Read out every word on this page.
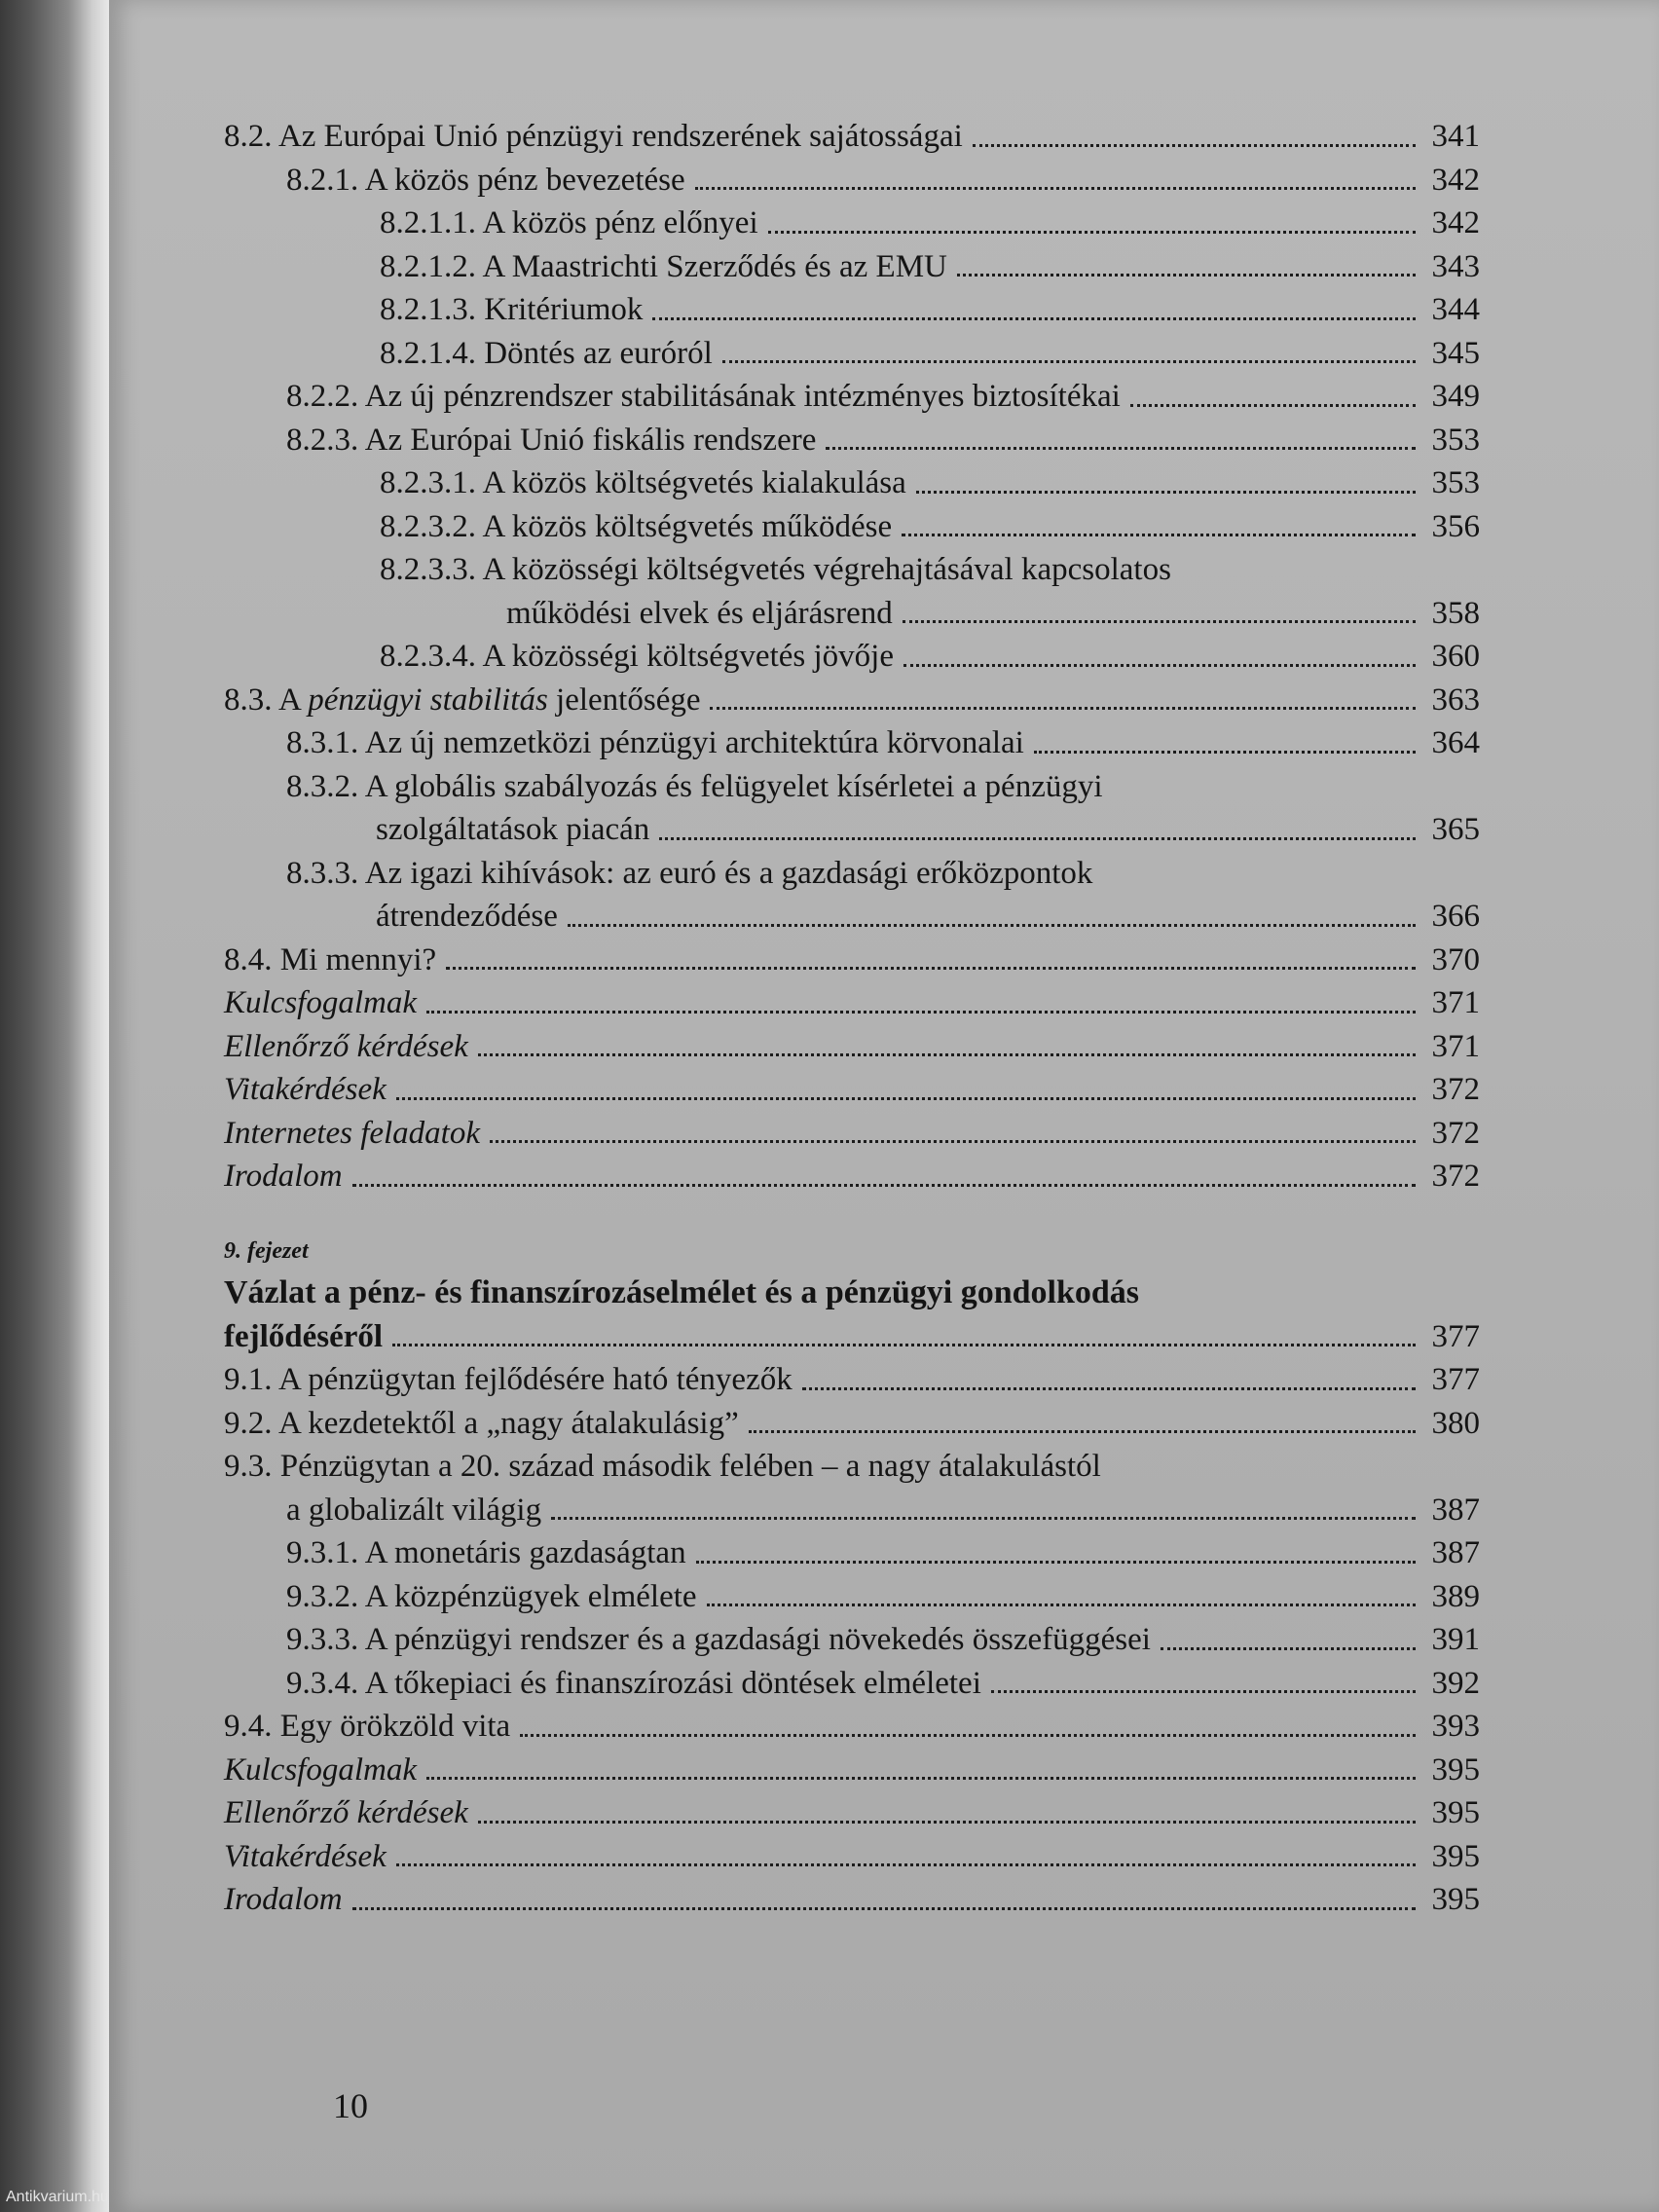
8.2. Az Európai Unió pénzügyi rendszerének sajátosságai	341
8.2.1. A közös pénz bevezetése	342
8.2.1.1. A közös pénz előnyei	342
8.2.1.2. A Maastrichti Szerződés és az EMU	343
8.2.1.3. Kritériumok	344
8.2.1.4. Döntés az euróról	345
8.2.2. Az új pénzrendszer stabilitásának intézményes biztosítékai	349
8.2.3. Az Európai Unió fiskális rendszere	353
8.2.3.1. A közös költségvetés kialakulása	353
8.2.3.2. A közös költségvetés működése	356
8.2.3.3. A közösségi költségvetés végrehajtásával kapcsolatos
működési elvek és eljárásrend	358
8.2.3.4. A közösségi költségvetés jövője	360
8.3. A pénzügyi stabilitás jelentősége	363
8.3.1. Az új nemzetközi pénzügyi architektúra körvonalai	364
8.3.2. A globális szabályozás és felügyelet kísérletei a pénzügyi
szolgáltatások piacán	365
8.3.3. Az igazi kihívások: az euró és a gazdasági erőközpontok
átrendeződése	366
8.4. Mi mennyi?	370
Kulcsfogalmak	371
Ellenőrző kérdések	371
Vitakérdések	372
Internetes feladatok	372
Irodalom	372
9. fejezet
Vázlat a pénz- és finanszírozáselmélet és a pénzügyi gondolkodás
fejlődéséről	377
9.1. A pénzügytan fejlődésére ható tényezők	377
9.2. A kezdetektől a „nagy átalakulásig”	380
9.3. Pénzügytan a 20. század második felében – a nagy átalakulástól
a globalizált világig	387
9.3.1. A monetáris gazdaságtan	387
9.3.2. A közpénzügyek elmélete	389
9.3.3. A pénzügyi rendszer és a gazdasági növekedés összefüggései	391
9.3.4. A tőkepiaci és finanszírozási döntések elméletei	392
9.4. Egy örökzöld vita	393
Kulcsfogalmak	395
Ellenőrző kérdések	395
Vitakérdések	395
Irodalom	395
10
Antikvarium.hu
